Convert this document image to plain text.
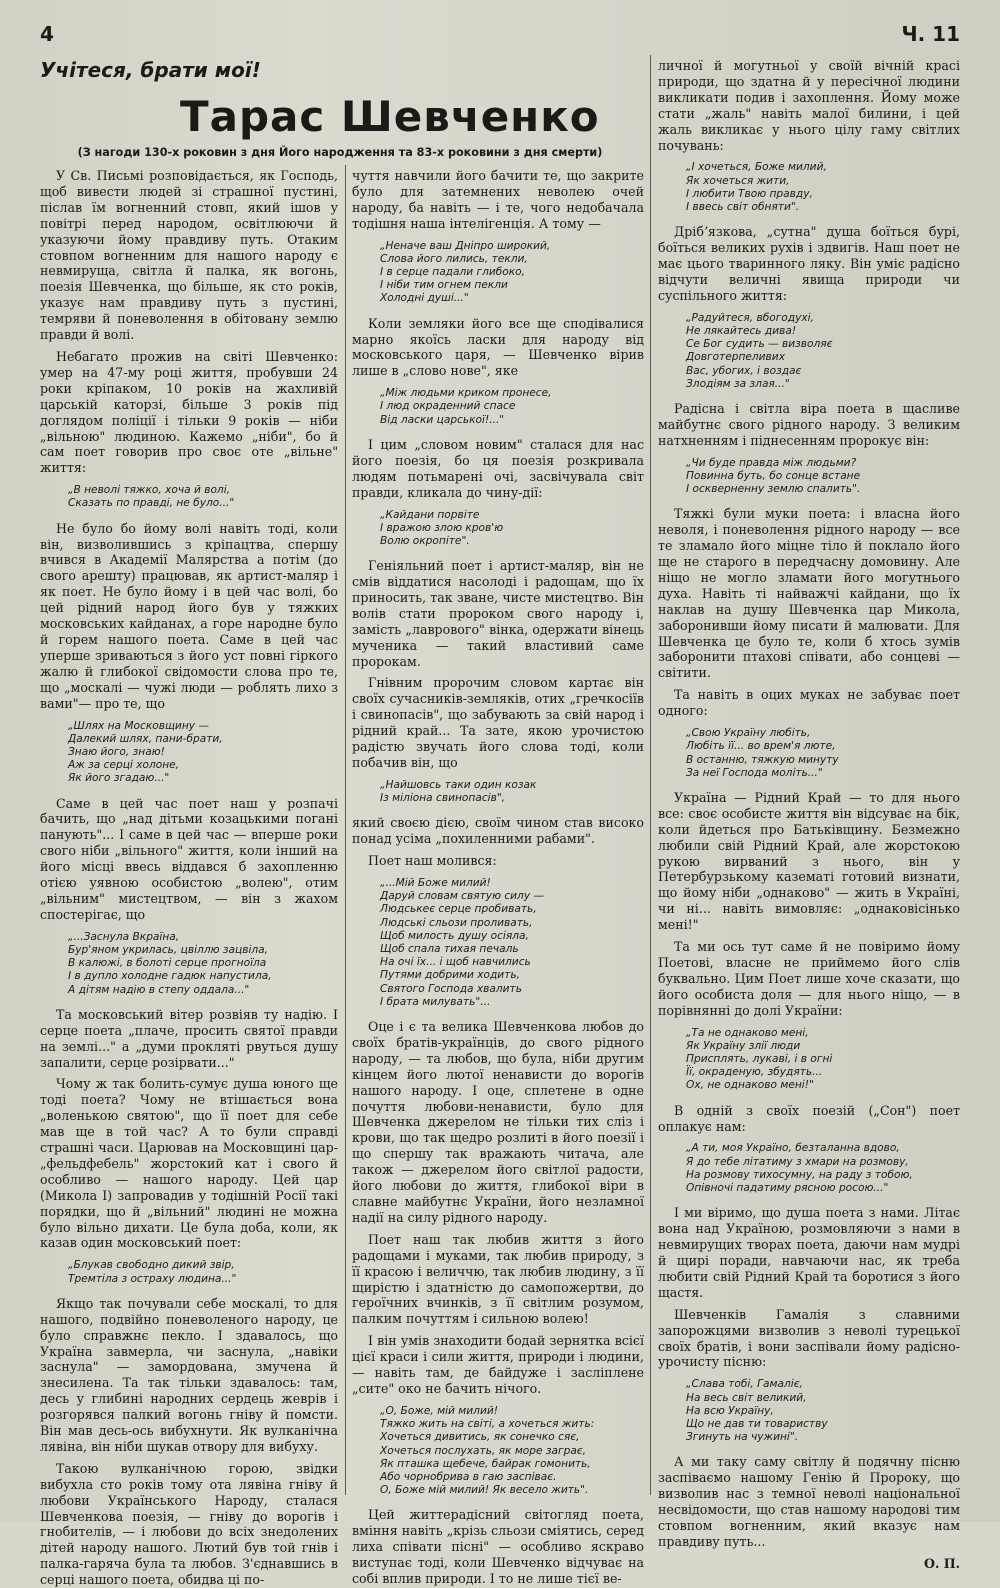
4	Ч. 11
Учітеся, брати мої!
Тарас Шевченко
(З нагоди 130-х роковин з дня Його народження та 83-х роковини з дня смерти)

У Св. Письмі розповідається, як Господь, щоб вивести людей зі страшної пустині, післав їм вогненний стовп, який ішов у повітрі перед народом, освітлюючи й указуючи йому правдиву путь. Отаким стовпом вогненним для нашого народу є невмируща, світла й палка, як вогонь, поезія Шевченка, що більше, як сто років, указує нам правдиву путь з пустині, темряви й поневолення в обітовану землю правди й волі.

Небагато прожив на світі Шевченко: умер на 47-му році життя, пробувши 24 роки кріпаком, 10 років на жахливій царській каторзі, більше 3 років під доглядом поліції і тільки 9 років — ніби „вільною" людиною. Кажемо „ніби", бо й сам поет говорив про своє оте „вільне" життя:

„В неволі тяжко, хоча й волі,
Сказать по правді, не було..."

Не було бо йому волі навіть тоді, коли він, визволившись з кріпацтва, спершу вчився в Академії Малярства а потім (до свого арешту) працював, як артист-маляр і як поет. Не було йому і в цей час волі, бо цей рідний народ його був у тяжких московських кайданах, а горе народне було й горем нашого поета. Саме в цей час уперше зриваються з його уст повні гіркого жалю й глибокої свідомости слова про те, що „москалі — чужі люди — роблять лихо з вами"— про те, що

„Шлях на Московщину —
Далекий шлях, пани-брати,
Знаю його, знаю!
Аж за серці холоне,
Як його згадаю..."

Саме в цей час поет наш у розпачі бачить, що „над дітьми козацькими погані панують"... І саме в цей час — вперше роки свого ніби „вільного" життя, коли інший на його місці ввесь віддався б захопленню отією уявною особистою „волею", отим „вільним" мистецтвом, — він з жахом спостерігає, що

„...Заснула Вкраїна,
Бур'яном укрилась, цвіллю зацвіла,
В калюжі, в болоті серце прогноїла
І в дупло холодне гадюк напустила,
А дітям надію в степу оддала..."

Та московський вітер розвіяв ту надію. І серце поета „плаче, просить святої правди на землі..." а „думи прокляті рвуться душу запалити, серце розірвати..."

Чому ж так болить-сумує душа юного ще тоді поета? Чому не втішається вона „воленькою святою", що її поет для себе мав ще в той час? А то були справді страшні часи. Царював на Московщині цар-„фельдфебель" жорстокий кат і свого й особливо — нашого народу. Цей цар (Микола І) запровадив у тодішній Росії такі порядки, що й „вільний" людині не можна було вільно дихати. Це була доба, коли, як казав один московський поет:

„Блукав свободно дикий звір,
Тремтіла з остраху людина..."

Якщо так почували себе москалі, то для нашого, подвійно поневоленого народу, це було справжнє пекло. І здавалось, що Україна завмерла, чи заснула, „навіки заснула" — замордована, змучена й знесилена. Та так тільки здавалось: там, десь у глибині народних сердець жеврів і розгорявся палкий вогонь гніву й помсти. Він мав десь-ось вибухнути. Як вулканічна лявіна, він ніби шукав отвору для вибуху.

Такою вулканічною горою, звідки вибухла сто років тому ота лявіна гніву й любови Українського Народу, сталася Шевченкова поезія, — гніву до ворогів і гнобителів, — і любови до всіх знедолених дітей народу нашого. Лютий був той гнів і палка-гаряча була та любов. З'єднавшись в серці нашого поета, обидва ці по-

чуття навчили його бачити те, що закрите було для затемнених неволею очей народу, ба навіть — і те, чого недобачала тодішня наша інтелігенція. А тому —

„Неначе ваш Дніпро широкий,
Слова його лились, текли,
І в серце падали глибоко,
І ніби тим огнем пекли
Холодні душі..."

Коли земляки його все ще сподівалися марно якоїсь ласки для народу від московського царя, — Шевченко вірив лише в „слово нове", яке

„Між людьми криком пронесе,
І люд окраденний спасе
Від ласки царської!..."

І цим „словом новим" сталася для нас його поезія, бо ця поезія розкривала людям потьмарені очі, засвічувала світ правди, кликала до чину-дії:

„Кайдани порвіте
І вражою злою кров'ю
Волю окропіте".

Геніяльний поет і артист-маляр, він не смів віддатися насолоді і радощам, що їх приносить, так зване, чисте мистецтво. Він волів стати пророком свого народу і, замість „лаврового" вінка, одержати вінець мученика — такий властивий саме пророкам.

Гнівним пророчим словом картає він своїх сучасників-земляків, отих „гречкосіїв і свинопасів", що забувають за свій народ і рідний край... Та зате, якою урочистою радістю звучать його слова тоді, коли побачив він, що

„Найшовсь таки один козак
Із міліона свинопасів",

який своєю дією, своїм чином став високо понад усіма „похиленними рабами".

Поет наш молився:

„...Мій Боже милий!
Даруй словам святую силу —
Людськеє серце пробивать,
Людські сльози проливать,
Щоб милость душу осіяла,
Щоб спала тихая печаль
На очі їх... і щоб навчились
Путями добрими ходить,
Святого Господа хвалить
І брата милувать"...

Оце і є та велика Шевченкова любов до своїх братів-українців, до свого рідного народу, — та любов, що була, ніби другим кінцем його лютої ненависти до ворогів нашого народу. І оце, сплетене в одне почуття любови-ненависти, було для Шевченка джерелом не тільки тих сліз і крови, що так щедро розлиті в його поезії і що спершу так вражають читача, але також — джерелом його світлої радости, його любови до життя, глибокої віри в славне майбутнє України, його незламної надії на силу рідного народу.

Поет наш так любив життя з його радощами і муками, так любив природу, з її красою і величчю, так любив людину, з її щирістю і здатністю до самопожертви, до героїчних вчинків, з її світлим розумом, палким почуттям і сильною волею!

І він умів знаходити бодай зернятка всієї цієї краси і сили життя, природи і людини, — навіть там, де байдуже і засліплене „сите" око не бачить нічого.

„О, Боже, мій милий!
Тяжко жить на світі, а хочеться жить:
Хочеться дивитись, як сонечко сяє,
Хочеться послухать, як море заграє,
Як пташка щебече, байрак гомонить,
Або чорнобрива в гаю заспіває.
О, Боже мій милий! Як весело жить".

Цей життерадісний світогляд поета, вміння навіть „крізь сльози сміятись, серед лиха співати пісні" — особливо яскраво виступає тоді, коли Шевченко відчуває на собі вплив природи. І то не лише тієї ве-

личної й могутньої у своїй вічній красі природи, що здатна й у пересічної людини викликати подив і захоплення. Йому може стати „жаль" навіть малої билини, і цей жаль викликає у нього цілу гаму світлих почувань:

„І хочеться, Боже милий,
Як хочеться жити,
І любити Твою правду,
І ввесь світ обняти".

Дрібʼязкова, „сутна" душа боїться бурі, боїться великих рухів і здвигів. Наш поет не має цього тваринного ляку. Він уміє радісно відчути величні явища природи чи суспільного життя:

„Радуйтеся, вбогодухі,
Не лякайтесь дива!
Се Бог судить — визволяє
Довготерпеливих
Вас, убогих, і воздає
Злодіям за злая..."

Радісна і світла віра поета в щасливе майбутнє свого рідного народу. З великим натхненням і піднесенням пророкує він:

„Чи буде правда між людьми?
Повинна буть, бо сонце встане
І оскверненну землю спалить".

Тяжкі були муки поета: і власна його неволя, і поневолення рідного народу — все те зламало його міцне тіло й поклало його ще не старого в передчасну домовину. Але ніщо не могло зламати його могутнього духа. Навіть ті найважчі кайдани, що їх наклав на душу Шевченка цар Микола, заборонивши йому писати й малювати. Для Шевченка це було те, коли б хтось зумів заборонити птахові співати, або сонцеві — світити.

Та навіть в оцих муках не забуває поет одного:

„Свою Україну любіть,
Любіть її... во врем'я люте,
В останню, тяжкую минуту
За неї Господа моліть..."

Україна — Рідний Край — то для нього все: своє особисте життя він відсуває на бік, коли йдеться про Батьківщину. Безмежно любили свій Рідний Край, але жорстокою рукою вирваний з нього, він у Петербурзькому казематі готовий визнати, що йому ніби „однаково" — жить в Україні, чи ні... навіть вимовляє: „однаковісінько мені!"

Та ми ось тут саме й не повіримо йому Поетові, власне не приймемо його слів буквально. Цим Поет лише хоче сказати, що його особиста доля — для нього ніщо, — в порівнянні до долі України:

„Та не однаково мені,
Як Україну злії люди
Присплять, лукаві, і в огні
Її, окраденую, збудять...
Ох, не однаково мені!"

В одній з своїх поезій („Сон") поет оплакує нам:

„А ти, моя Україно, безталанна вдово,
Я до тебе літатиму з хмари на розмову,
На розмову тихосумну, на раду з тобою,
Опівночі падатиму рясною росою..."

І ми віримо, що душа поета з нами. Літає вона над Україною, розмовляючи з нами в невмирущих творах поета, даючи нам мудрі й щирі поради, навчаючи нас, як треба любити свій Рідний Край та боротися з його щастя.

Шевченків Гамалія з славними запорожцями визволив з неволі турецької своїх братів, і вони заспівали йому радісно-урочисту пісню:

„Слава тобі, Гамаліє,
На весь світ великий,
На всю Україну,
Що не дав ти товариству
Згинуть на чужині".

А ми таку саму світлу й подячну пісню заспіваємо нашому Генію й Пророку, що визволив нас з темної неволі національної несвідомости, що став нашому народові тим стовпом вогненним, який вказує нам правдиву путь...

О. П.
